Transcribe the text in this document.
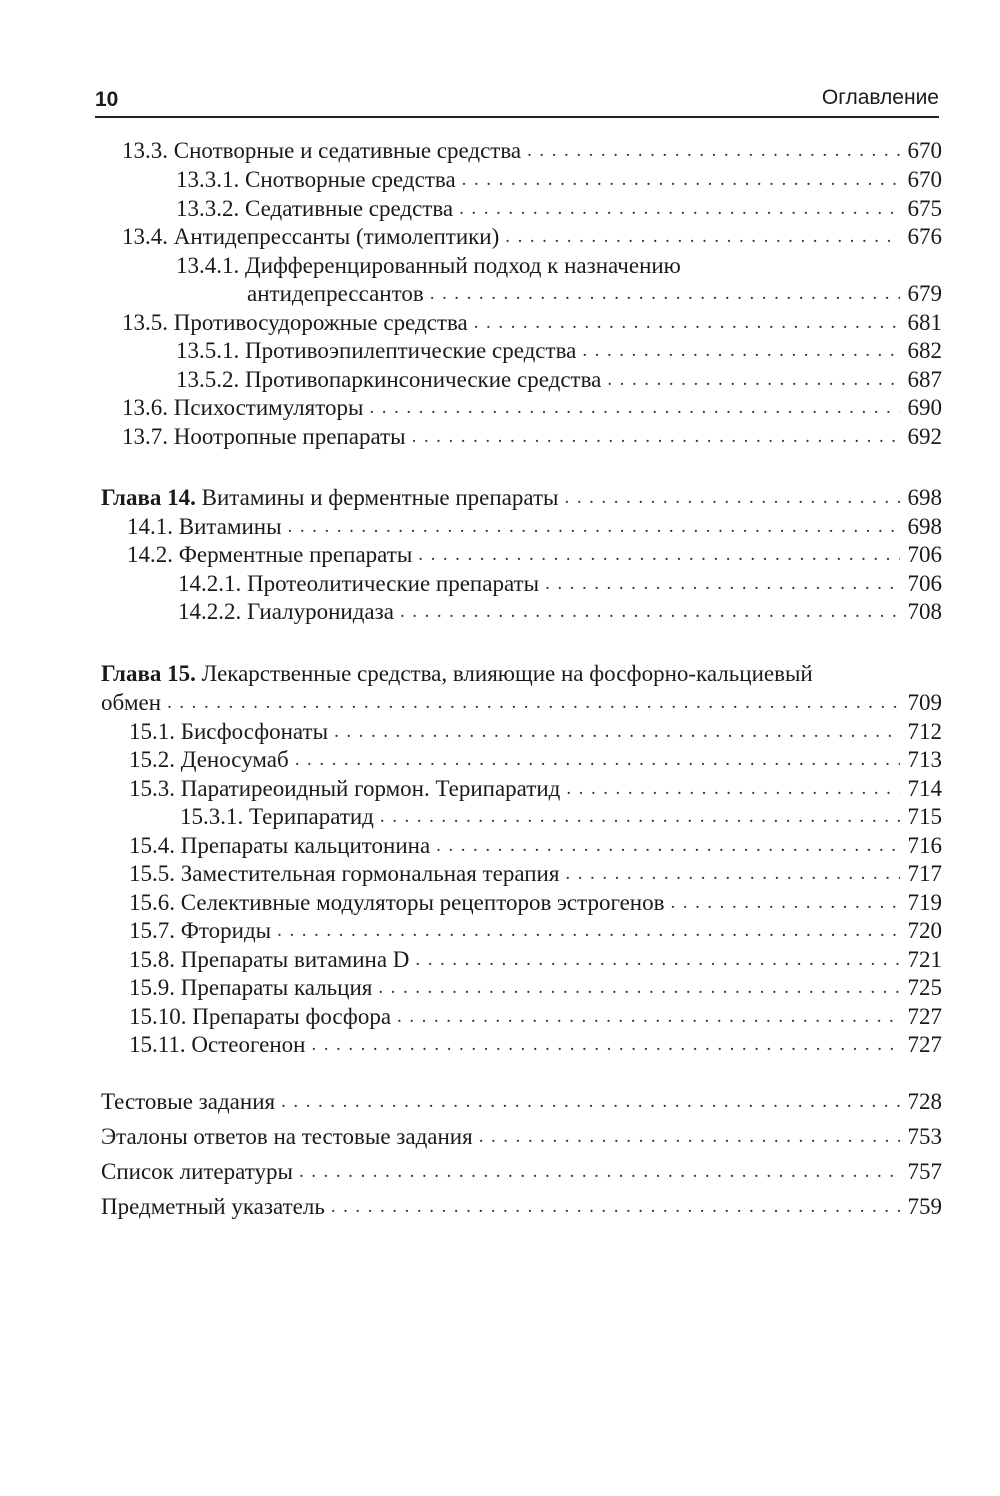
10	Оглавление
13.3. Снотворные и седативные средства . . .	670
13.3.1. Снотворные средства . . .	670
13.3.2. Седативные средства . . .	675
13.4. Антидепрессанты (тимолептики) . . .	676
13.4.1. Дифференцированный подход к назначению
антидепрессантов . . .	679
13.5. Противосудорожные средства . . .	681
13.5.1. Противоэпилептические средства . . .	682
13.5.2. Противопаркинсонические средства . . .	687
13.6. Психостимуляторы . . .	690
13.7. Ноотропные препараты . . .	692
Глава 14. Витамины и ферментные препараты . . .	698
14.1. Витамины . . .	698
14.2. Ферментные препараты . . .	706
14.2.1. Протеолитические препараты . . .	706
14.2.2. Гиалуронидаза . . .	708
Глава 15. Лекарственные средства, влияющие на фосфорно-кальциевый
обмен . . .	709
15.1. Бисфосфонаты . . .	712
15.2. Деносумаб . . .	713
15.3. Паратиреоидный гормон. Терипаратид . . .	714
15.3.1. Терипаратид . . .	715
15.4. Препараты кальцитонина . . .	716
15.5. Заместительная гормональная терапия . . .	717
15.6. Селективные модуляторы рецепторов эстрогенов . . .	719
15.7. Фториды . . .	720
15.8. Препараты витамина D . . .	721
15.9. Препараты кальция . . .	725
15.10. Препараты фосфора . . .	727
15.11. Остеогенон . . .	727
Тестовые задания . . .	728
Эталоны ответов на тестовые задания . . .	753
Список литературы . . .	757
Предметный указатель . . .	759
